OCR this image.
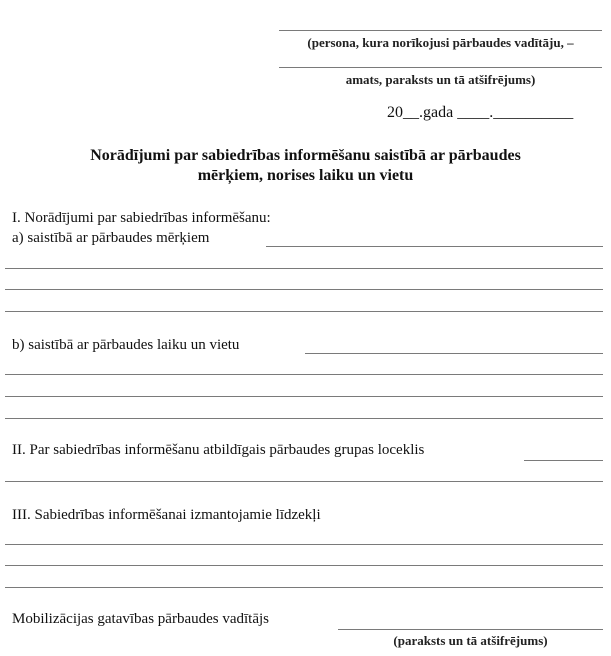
(persona, kura norīkojusi pārbaudes vadītāju, –
amats, paraksts un tā atšifrējums)
20__.gada ____.__________
Norādījumi par sabiedrības informēšanu saistībā ar pārbaudes
mērķiem, norises laiku un vietu
I. Norādījumi par sabiedrības informēšanu:
a) saistībā ar pārbaudes mērķiem
b) saistībā ar pārbaudes laiku un vietu
II. Par sabiedrības informēšanu atbildīgais pārbaudes grupas loceklis
III. Sabiedrības informēšanai izmantojamie līdzekļi
Mobilizācijas gatavības pārbaudes vadītājs
(paraksts un tā atšifrējums)
